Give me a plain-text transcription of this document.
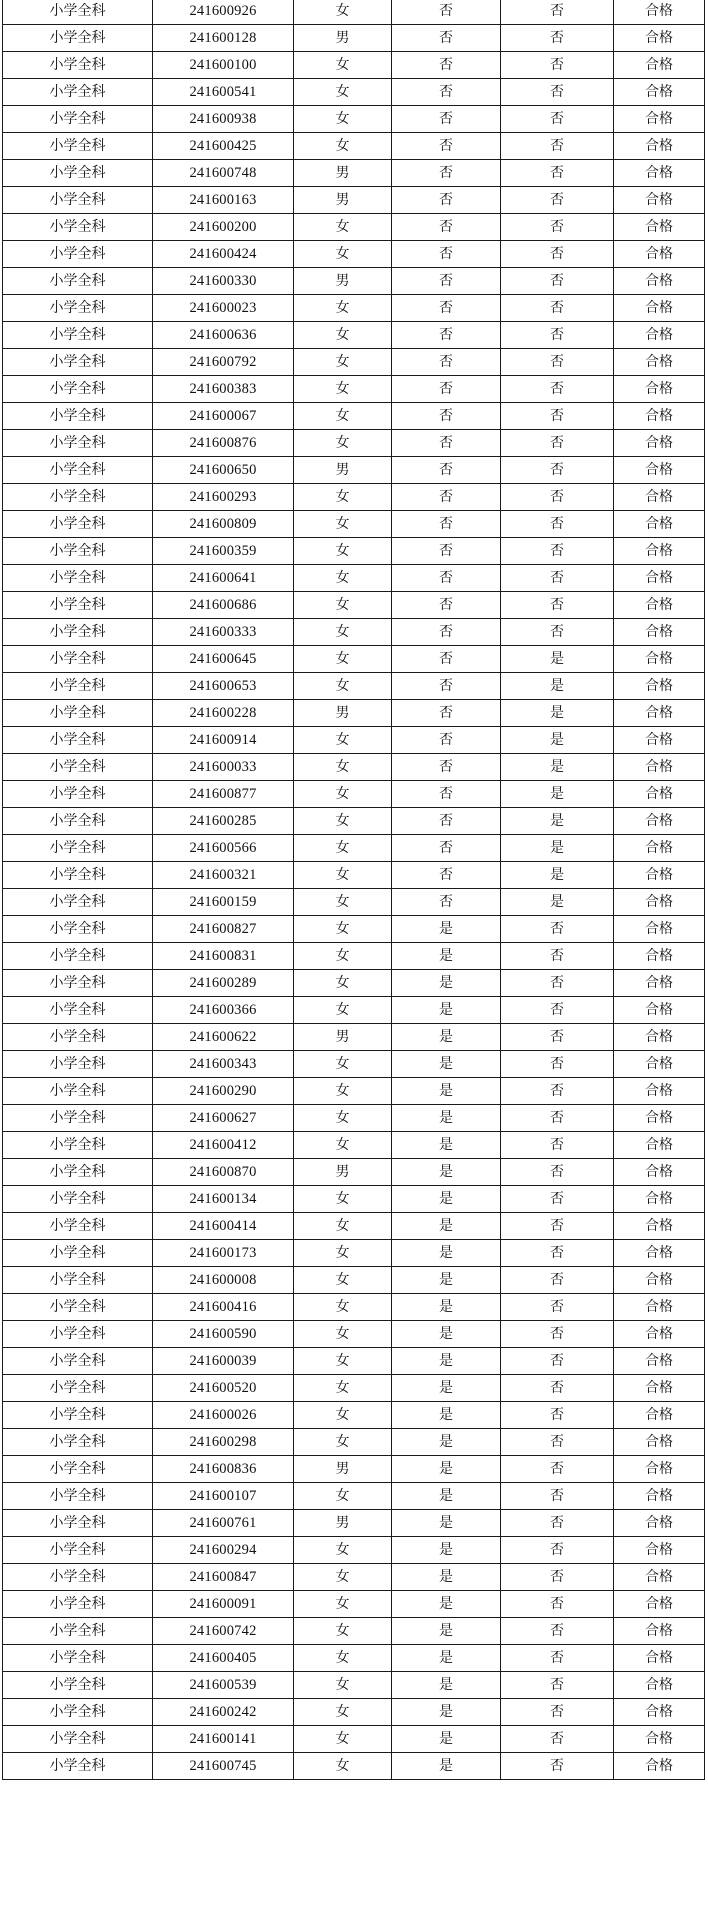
小学全科	241600926	女	否	否	合格
小学全科	241600128	男	否	否	合格
小学全科	241600100	女	否	否	合格
小学全科	241600541	女	否	否	合格
小学全科	241600938	女	否	否	合格
小学全科	241600425	女	否	否	合格
小学全科	241600748	男	否	否	合格
小学全科	241600163	男	否	否	合格
小学全科	241600200	女	否	否	合格
小学全科	241600424	女	否	否	合格
小学全科	241600330	男	否	否	合格
小学全科	241600023	女	否	否	合格
小学全科	241600636	女	否	否	合格
小学全科	241600792	女	否	否	合格
小学全科	241600383	女	否	否	合格
小学全科	241600067	女	否	否	合格
小学全科	241600876	女	否	否	合格
小学全科	241600650	男	否	否	合格
小学全科	241600293	女	否	否	合格
小学全科	241600809	女	否	否	合格
小学全科	241600359	女	否	否	合格
小学全科	241600641	女	否	否	合格
小学全科	241600686	女	否	否	合格
小学全科	241600333	女	否	否	合格
小学全科	241600645	女	否	是	合格
小学全科	241600653	女	否	是	合格
小学全科	241600228	男	否	是	合格
小学全科	241600914	女	否	是	合格
小学全科	241600033	女	否	是	合格
小学全科	241600877	女	否	是	合格
小学全科	241600285	女	否	是	合格
小学全科	241600566	女	否	是	合格
小学全科	241600321	女	否	是	合格
小学全科	241600159	女	否	是	合格
小学全科	241600827	女	是	否	合格
小学全科	241600831	女	是	否	合格
小学全科	241600289	女	是	否	合格
小学全科	241600366	女	是	否	合格
小学全科	241600622	男	是	否	合格
小学全科	241600343	女	是	否	合格
小学全科	241600290	女	是	否	合格
小学全科	241600627	女	是	否	合格
小学全科	241600412	女	是	否	合格
小学全科	241600870	男	是	否	合格
小学全科	241600134	女	是	否	合格
小学全科	241600414	女	是	否	合格
小学全科	241600173	女	是	否	合格
小学全科	241600008	女	是	否	合格
小学全科	241600416	女	是	否	合格
小学全科	241600590	女	是	否	合格
小学全科	241600039	女	是	否	合格
小学全科	241600520	女	是	否	合格
小学全科	241600026	女	是	否	合格
小学全科	241600298	女	是	否	合格
小学全科	241600836	男	是	否	合格
小学全科	241600107	女	是	否	合格
小学全科	241600761	男	是	否	合格
小学全科	241600294	女	是	否	合格
小学全科	241600847	女	是	否	合格
小学全科	241600091	女	是	否	合格
小学全科	241600742	女	是	否	合格
小学全科	241600405	女	是	否	合格
小学全科	241600539	女	是	否	合格
小学全科	241600242	女	是	否	合格
小学全科	241600141	女	是	否	合格
小学全科	241600745	女	是	否	合格
